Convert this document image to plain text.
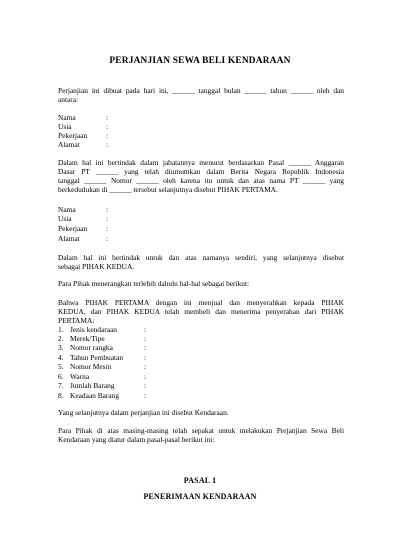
PERJANJIAN SEWA BELI KENDARAAN
Perjanjian ini dibuat pada hari ini, ______ tanggal bulan ______ tahun ______ oleh dan
antara:
Nama	:
Usia	:
Pekerjaan	:
Alamat	:
Dalam hal ini bertindak dalam jabatannya menurut berdasarkan Pasal ______ Anggaran
Dasar PT ______ yang telah diumumkan dalam Berita Negara Republik Indonesia
tanggal ______ Nomor ______ oleh karena itu untuk dan atas nama PT ______ yang
berkedudukan di ______ tersebut selanjutnya disebut PIHAK PERTAMA.
Nama	:
Usia	:
Pekerjaan	:
Alamat	:
Dalam hal ini bertindak untuk dan atas namanya sendiri, yang selanjutnya disebut
sebagai PIHAK KEDUA.
Para Pihak menerangkan terlebih dahulu hal-hal sebagai berikut:
Bahwa PIHAK PERTAMA dengan ini menjual dan menyerahkan kepada PIHAK
KEDUA, dan PIHAK KEDUA telah membeli dan menerima penyerahan dari PIHAK
PERTAMA:
1. Jenis kendaraan	:
2. Merek/Tipe	:
3. Nomor rangka	:
4. Tahun Pembuatan	:
5. Nomor Mesin	:
6. Warna	:
7. Jumlah Barang	:
8. Keadaan Barang	:
Yang selanjutnya dalam perjanjian ini disebut Kendaraan.
Para Pihak di atas masing-masing telah sepakat untuk melakukan Perjanjian Sewa Beli
Kendaraan yang diatur dalam pasal-pasal berikut ini:
PASAL 1
PENERIMAAN KENDARAAN
